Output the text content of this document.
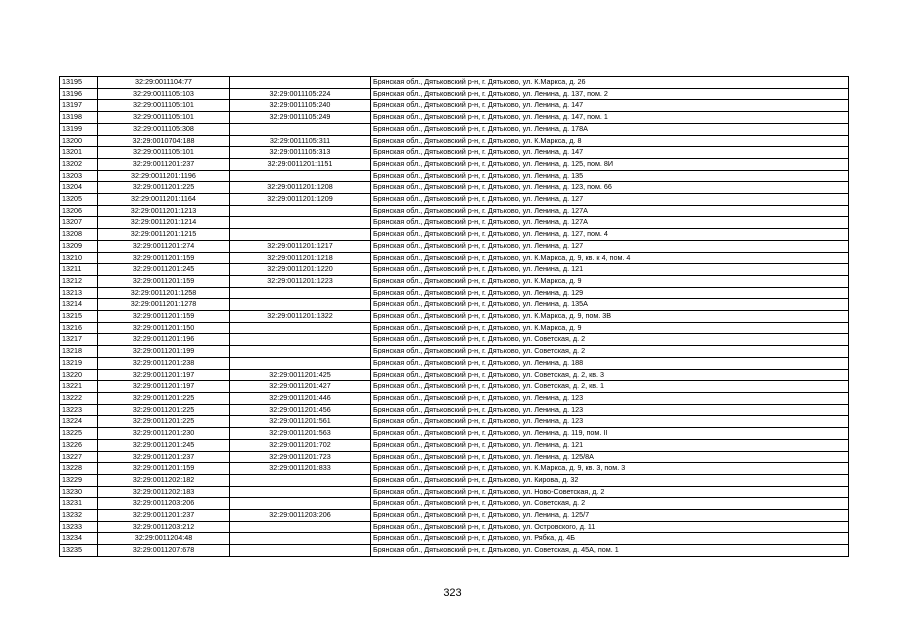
13195	32:29:0011104:77		Брянская обл., Дятьковский р-н, г. Дятьково, ул. К.Маркса, д. 26
13196	32:29:0011105:103	32:29:0011105:224	Брянская обл., Дятьковский р-н, г. Дятьково, ул. Ленина, д. 137, пом. 2
13197	32:29:0011105:101	32:29:0011105:240	Брянская обл., Дятьковский р-н, г. Дятьково, ул. Ленина, д. 147
13198	32:29:0011105:101	32:29:0011105:249	Брянская обл., Дятьковский р-н, г. Дятьково, ул. Ленина, д. 147, пом. 1
13199	32:29:0011105:308		Брянская обл., Дятьковский р-н, г. Дятьково, ул. Ленина, д. 178А
13200	32:29:0010704:188	32:29:0011105:311	Брянская обл., Дятьковский р-н, г. Дятьково, ул. К.Маркса, д. 8
13201	32:29:0011105:101	32:29:0011105:313	Брянская обл., Дятьковский р-н, г. Дятьково, ул. Ленина, д. 147
13202	32:29:0011201:237	32:29:0011201:1151	Брянская обл., Дятьковский р-н, г. Дятьково, ул. Ленина, д. 125, пом. 8И
13203	32:29:0011201:1196		Брянская обл., Дятьковский р-н, г. Дятьково, ул. Ленина, д. 135
13204	32:29:0011201:225	32:29:0011201:1208	Брянская обл., Дятьковский р-н, г. Дятьково, ул. Ленина, д. 123, пом. 66
13205	32:29:0011201:1164	32:29:0011201:1209	Брянская обл., Дятьковский р-н, г. Дятьково, ул. Ленина, д. 127
13206	32:29:0011201:1213		Брянская обл., Дятьковский р-н, г. Дятьково, ул. Ленина, д. 127А
13207	32:29:0011201:1214		Брянская обл., Дятьковский р-н, г. Дятьково, ул. Ленина, д. 127А
13208	32:29:0011201:1215		Брянская обл., Дятьковский р-н, г. Дятьково, ул. Ленина, д. 127, пом. 4
13209	32:29:0011201:274	32:29:0011201:1217	Брянская обл., Дятьковский р-н, г. Дятьково, ул. Ленина, д. 127
13210	32:29:0011201:159	32:29:0011201:1218	Брянская обл., Дятьковский р-н, г. Дятьково, ул. К.Маркса, д. 9, кв. к 4, пом. 4
13211	32:29:0011201:245	32:29:0011201:1220	Брянская обл., Дятьковский р-н, г. Дятьково, ул. Ленина, д. 121
13212	32:29:0011201:159	32:29:0011201:1223	Брянская обл., Дятьковский р-н, г. Дятьково, ул. К.Маркса, д. 9
13213	32:29:0011201:1258		Брянская обл., Дятьковский р-н, г. Дятьково, ул. Ленина, д. 129
13214	32:29:0011201:1278		Брянская обл., Дятьковский р-н, г. Дятьково, ул. Ленина, д. 135А
13215	32:29:0011201:159	32:29:0011201:1322	Брянская обл., Дятьковский р-н, г. Дятьково, ул. К.Маркса, д. 9, пом. 3В
13216	32:29:0011201:150		Брянская обл., Дятьковский р-н, г. Дятьково, ул. К.Маркса, д. 9
13217	32:29:0011201:196		Брянская обл., Дятьковский р-н, г. Дятьково, ул. Советская, д. 2
13218	32:29:0011201:199		Брянская обл., Дятьковский р-н, г. Дятьково, ул. Советская, д. 2
13219	32:29:0011201:238		Брянская обл., Дятьковский р-н, г. Дятьково, ул. Ленина, д. 188
13220	32:29:0011201:197	32:29:0011201:425	Брянская обл., Дятьковский р-н, г. Дятьково, ул. Советская, д. 2, кв. 3
13221	32:29:0011201:197	32:29:0011201:427	Брянская обл., Дятьковский р-н, г. Дятьково, ул. Советская, д. 2, кв. 1
13222	32:29:0011201:225	32:29:0011201:446	Брянская обл., Дятьковский р-н, г. Дятьково, ул. Ленина, д. 123
13223	32:29:0011201:225	32:29:0011201:456	Брянская обл., Дятьковский р-н, г. Дятьково, ул. Ленина, д. 123
13224	32:29:0011201:225	32:29:0011201:561	Брянская обл., Дятьковский р-н, г. Дятьково, ул. Ленина, д. 123
13225	32:29:0011201:230	32:29:0011201:563	Брянская обл., Дятьковский р-н, г. Дятьково, ул. Ленина, д. 119, пом. II
13226	32:29:0011201:245	32:29:0011201:702	Брянская обл., Дятьковский р-н, г. Дятьково, ул. Ленина, д. 121
13227	32:29:0011201:237	32:29:0011201:723	Брянская обл., Дятьковский р-н, г. Дятьково, ул. Ленина, д. 125/8А
13228	32:29:0011201:159	32:29:0011201:833	Брянская обл., Дятьковский р-н, г. Дятьково, ул. К.Маркса, д. 9, кв. 3, пом. 3
13229	32:29:0011202:182		Брянская обл., Дятьковский р-н, г. Дятьково, ул. Кирова, д. 32
13230	32:29:0011202:183		Брянская обл., Дятьковский р-н, г. Дятьково, ул. Ново-Советская, д. 2
13231	32:29:0011203:206		Брянская обл., Дятьковский р-н, г. Дятьково, ул. Советская, д. 2
13232	32:29:0011201:237	32:29:0011203:206	Брянская обл., Дятьковский р-н, г. Дятьково, ул. Ленина, д. 125/7
13233	32:29:0011203:212		Брянская обл., Дятьковский р-н, г. Дятьково, ул. Островского, д. 11
13234	32:29:0011204:48		Брянская обл., Дятьковский р-н, г. Дятьково, ул. Рябка, д. 4Б
13235	32:29:0011207:678		Брянская обл., Дятьковский р-н, г. Дятьково, ул. Советская, д. 45А, пом. 1
323
